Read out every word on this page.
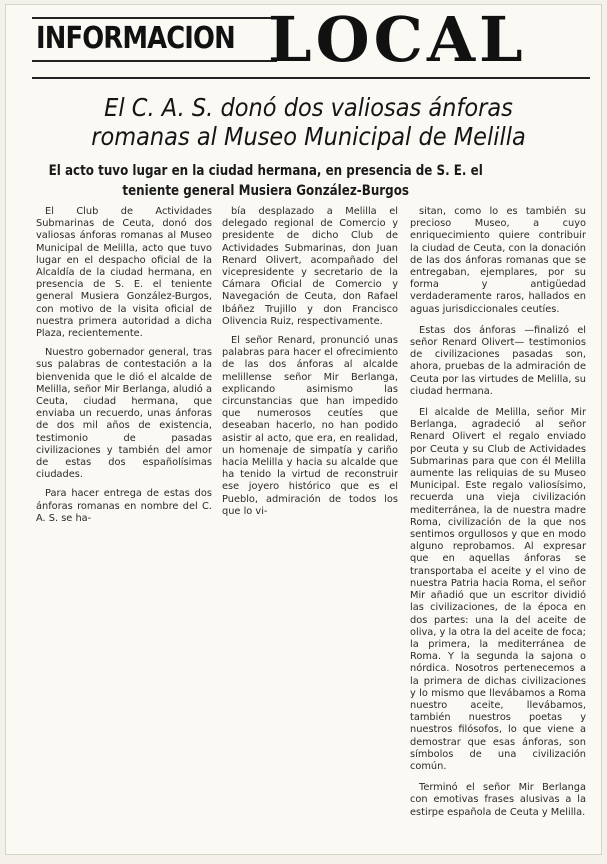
INFORMACION LOCAL
El C. A. S. donó dos valiosas ánforas romanas al Museo Municipal de Melilla
El acto tuvo lugar en la ciudad hermana, en presencia de S. E. el teniente general Musiera González-Burgos

El Club de Actividades Submarinas de Ceuta, donó dos valiosas ánforas romanas al Museo Municipal de Melilla, acto que tuvo lugar en el despacho oficial de la Alcaldía de la ciudad hermana, en presencia de S. E. el teniente general Musiera González-Burgos, con motivo de la visita oficial de nuestra primera autoridad a dicha Plaza, recientemente.

Nuestro gobernador general, tras sus palabras de contestación a la bienvenida que le dió el alcalde de Melilla, señor Mir Berlanga, aludió a Ceuta, ciudad hermana, que enviaba un recuerdo, unas ánforas de dos mil años de existencia, testimonio de pasadas civilizaciones y también del amor de estas dos españolísimas ciudades.

Para hacer entrega de estas dos ánforas romanas en nombre del C. A. S. se ha-

bía desplazado a Melilla el delegado regional de Comercio y presidente de dicho Club de Actividades Submarinas, don Juan Renard Olivert, acompañado del vicepresidente y secretario de la Cámara Oficial de Comercio y Navegación de Ceuta, don Rafael Ibáñez Trujillo y don Francisco Olivencia Ruiz, respectivamente.

El señor Renard, pronunció unas palabras para hacer el ofrecimiento de las dos ánforas al alcalde melillense señor Mir Berlanga, explicando asimismo las circunstancias que han impedido que numerosos ceutíes que deseaban hacerlo, no han podido asistir al acto, que era, en realidad, un homenaje de simpatía y cariño hacia Melilla y hacia su alcalde que ha tenido la virtud de reconstruir ese joyero histórico que es el Pueblo, admiración de todos los que lo vi-

sitan, como lo es también su precioso Museo, a cuyo enriquecimiento quiere contribuir la ciudad de Ceuta, con la donación de las dos ánforas romanas que se entregaban, ejemplares, por su forma y antigüedad verdaderamente raros, hallados en aguas jurisdiccionales ceutíes.

Estas dos ánforas —finalizó el señor Renard Olivert— testimonios de civilizaciones pasadas son, ahora, pruebas de la admiración de Ceuta por las virtudes de Melilla, su ciudad hermana.

El alcalde de Melilla, señor Mir Berlanga, agradeció al señor Renard Olivert el regalo enviado por Ceuta y su Club de Actividades Submarinas para que con él Melilla aumente las reliquias de su Museo Municipal. Este regalo valiosísimo, recuerda una vieja civilización mediterránea, la de nuestra madre Roma, civilización de la que nos sentimos orgullosos y que en modo alguno reprobamos. Al expresar que en aquellas ánforas se transportaba el aceite y el vino de nuestra Patria hacia Roma, el señor Mir añadió que un escritor dividió las civilizaciones, de la época en dos partes: una la del aceite de oliva, y la otra la del aceite de foca; la primera, la mediterránea de Roma. Y la segunda la sajona o nórdica. Nosotros pertenecemos a la primera de dichas civilizaciones y lo mismo que llevábamos a Roma nuestro aceite, llevábamos, también nuestros poetas y nuestros filósofos, lo que viene a demostrar que esas ánforas, son símbolos de una civilización común.

Terminó el señor Mir Berlanga con emotivas frases alusivas a la estirpe española de Ceuta y Melilla.
